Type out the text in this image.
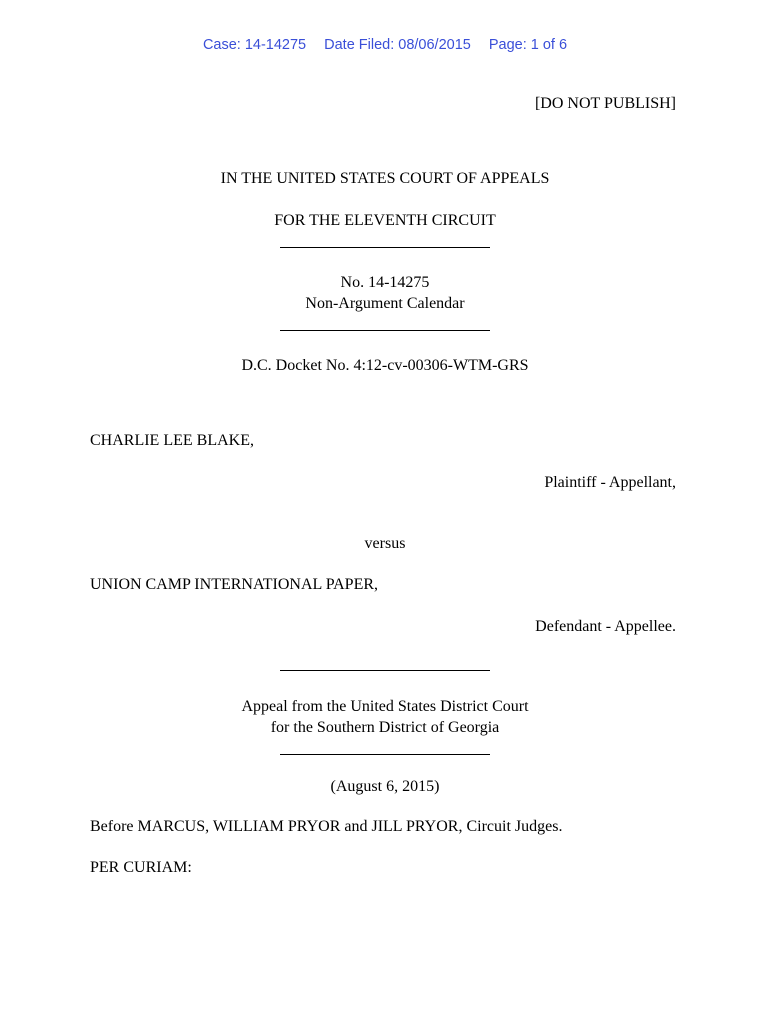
Case: 14-14275 Date Filed: 08/06/2015 Page: 1 of 6
[DO NOT PUBLISH]
IN THE UNITED STATES COURT OF APPEALS
FOR THE ELEVENTH CIRCUIT
No. 14-14275
Non-Argument Calendar
D.C. Docket No. 4:12-cv-00306-WTM-GRS
CHARLIE LEE BLAKE,
Plaintiff - Appellant,
versus
UNION CAMP INTERNATIONAL PAPER,
Defendant - Appellee.
Appeal from the United States District Court
for the Southern District of Georgia
(August 6, 2015)
Before MARCUS, WILLIAM PRYOR and JILL PRYOR, Circuit Judges.
PER CURIAM:
